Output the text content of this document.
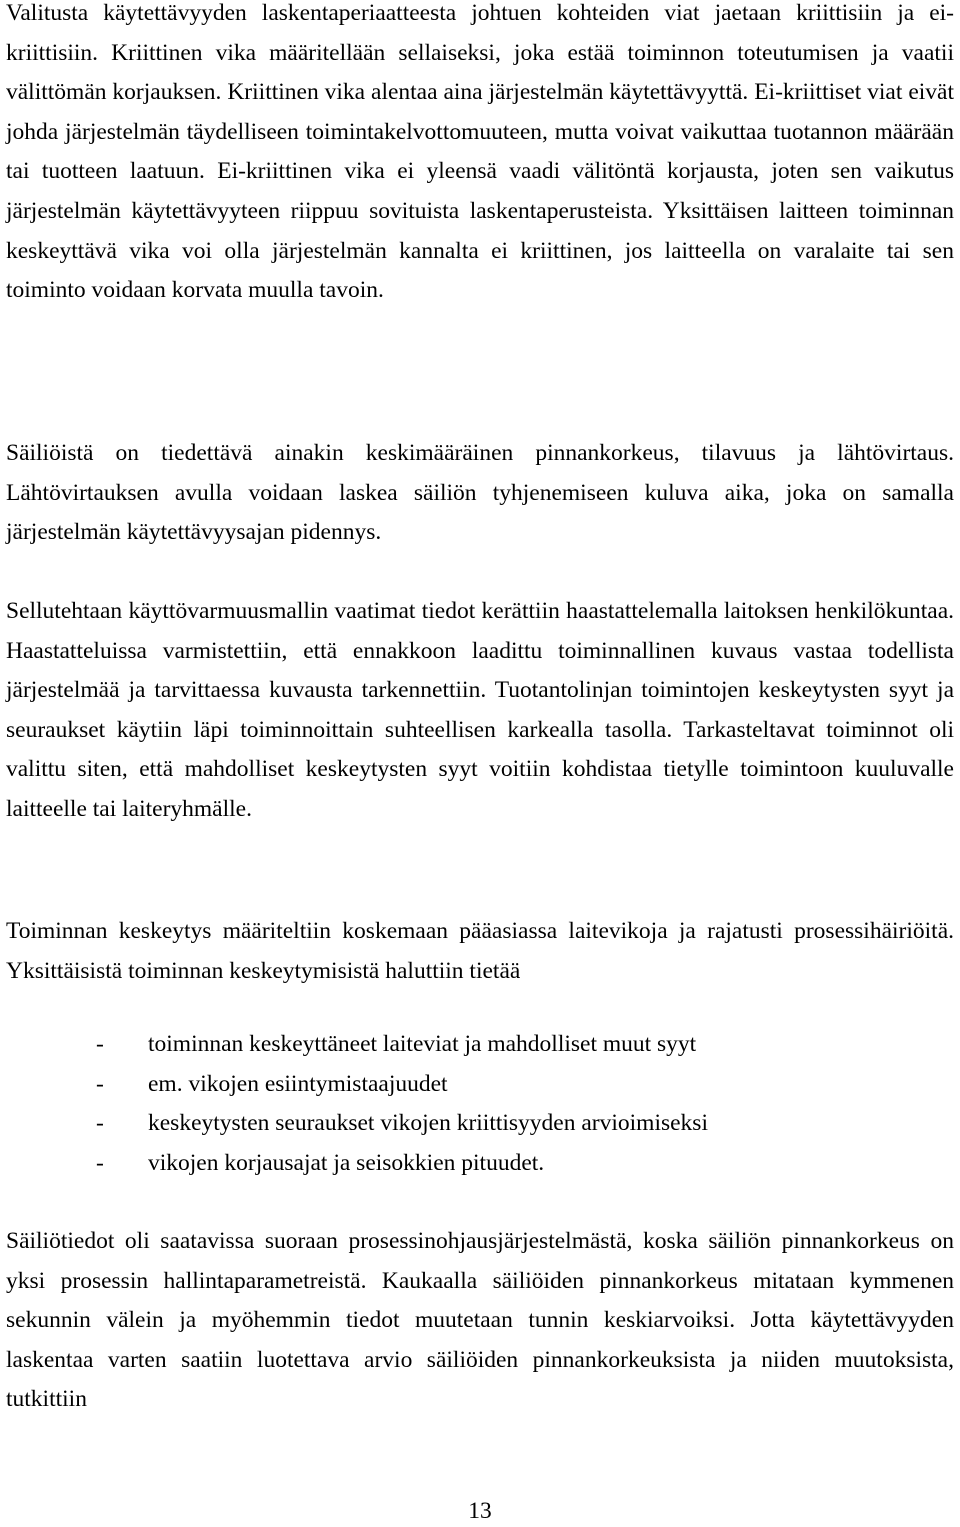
Valitusta käytettävyyden laskentaperiaatteesta johtuen kohteiden viat jaetaan kriittisiin ja ei-kriittisiin. Kriittinen vika määritellään sellaiseksi, joka estää toiminnon toteutumisen ja vaatii välittömän korjauksen. Kriittinen vika alentaa aina järjestelmän käytettävyyttä. Ei-kriittiset viat eivät johda järjestelmän täydelliseen toimintakelvottomuuteen, mutta voivat vaikuttaa tuotannon määrään tai tuotteen laatuun. Ei-kriittinen vika ei yleensä vaadi välitöntä korjausta, joten sen vaikutus järjestelmän käytettävyyteen riippuu sovituista laskentaperusteista. Yksittäisen laitteen toiminnan keskeyttävä vika voi olla järjestelmän kannalta ei kriittinen, jos laitteella on varalaite tai sen toiminto voidaan korvata muulla tavoin.

Säiliöistä on tiedettävä ainakin keskimääräinen pinnankorkeus, tilavuus ja lähtövirtaus. Lähtövirtauksen avulla voidaan laskea säiliön tyhjenemiseen kuluva aika, joka on samalla järjestelmän käytettävyysajan pidennys.

Sellutehtaan käyttövarmuusmallin vaatimat tiedot kerättiin haastattelemalla laitoksen henkilökuntaa. Haastatteluissa varmistettiin, että ennakkoon laadittu toiminnallinen kuvaus vastaa todellista järjestelmää ja tarvittaessa kuvausta tarkennettiin. Tuotantolinjan toimintojen keskeytysten syyt ja seuraukset käytiin läpi toiminnoittain suhteellisen karkealla tasolla. Tarkasteltavat toiminnot oli valittu siten, että mahdolliset keskeytysten syyt voitiin kohdistaa tietylle toimintoon kuuluvalle laitteelle tai laiteryhmälle.

Toiminnan keskeytys määriteltiin koskemaan pääasiassa laitevikoja ja rajatusti prosessihäiriöitä. Yksittäisistä toiminnan keskeytymisistä haluttiin tietää

- toiminnan keskeyttäneet laiteviat ja mahdolliset muut syyt
- em. vikojen esiintymistaajuudet
- keskeytysten seuraukset vikojen kriittisyyden arvioimiseksi
- vikojen korjausajat ja seisokkien pituudet.

Säiliötiedot oli saatavissa suoraan prosessinohjausjärjestelmästä, koska säiliön pinnankorkeus on yksi prosessin hallintaparametreistä. Kaukaalla säiliöiden pinnankorkeus mitataan kymmenen sekunnin välein ja myöhemmin tiedot muutetaan tunnin keskiarvoiksi. Jotta käytettävyyden laskentaa varten saatiin luotettava arvio säiliöiden pinnankorkeuksista ja niiden muutoksista, tutkittiin

13
